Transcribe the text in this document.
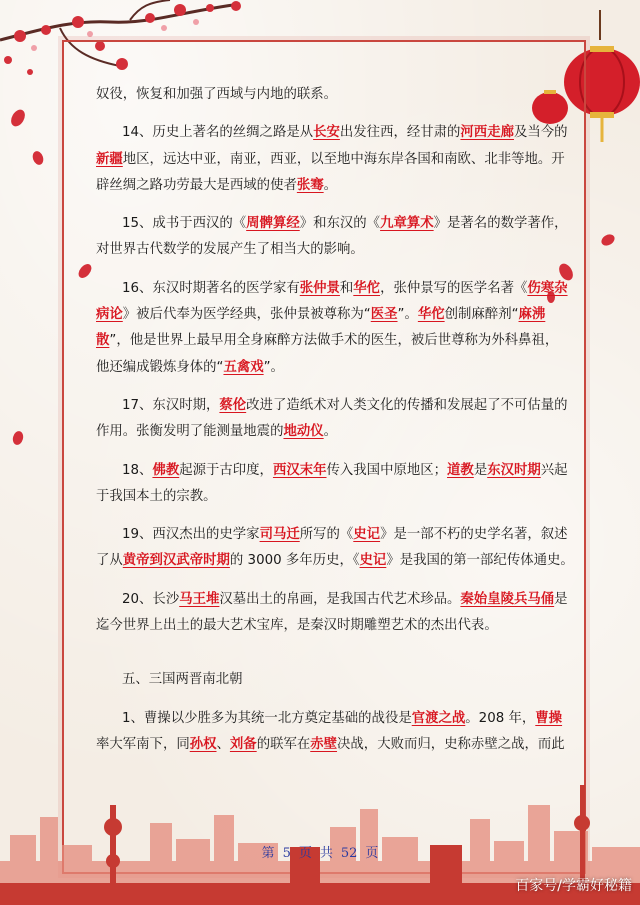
奴役，恢复和加强了西域与内地的联系。
14、历史上著名的丝绸之路是从长安出发往西，经甘肃的河西走廊及当今的
新疆地区，远达中亚，南亚，西亚，以至地中海东岸各国和南欧、北非等地。开
辟丝绸之路功劳最大是西域的使者张骞。
15、成书于西汉的《周髀算经》和东汉的《九章算术》是著名的数学著作，
对世界古代数学的发展产生了相当大的影响。
16、东汉时期著名的医学家有张仲景和华佗，张仲景写的医学名著《伤寒杂
病论》被后代奉为医学经典，张仲景被尊称为“医圣”。华佗创制麻醉剂“麻沸
散”，他是世界上最早用全身麻醉方法做手术的医生，被后世尊称为外科鼻祖，
他还编成锻炼身体的“五禽戏”。
17、东汉时期，蔡伦改进了造纸术对人类文化的传播和发展起了不可估量的
作用。张衡发明了能测量地震的地动仪。
18、佛教起源于古印度，西汉末年传入我国中原地区；道教是东汉时期兴起
于我国本土的宗教。
19、西汉杰出的史学家司马迁所写的《史记》是一部不朽的史学名著，叙述
了从黄帝到汉武帝时期的 3000 多年历史，《史记》是我国的第一部纪传体通史。
20、长沙马王堆汉墓出土的帛画，是我国古代艺术珍品。秦始皇陵兵马俑是
迄今世界上出土的最大艺术宝库，是秦汉时期雕塑艺术的杰出代表。
五、三国两晋南北朝
1、曹操以少胜多为其统一北方奠定基础的战役是官渡之战。208 年，曹操
率大军南下，同孙权、刘备的联军在赤壁决战，大败而归，史称赤壁之战，而此
第 5 页 共 52 页
百家号/学霸好秘籍
